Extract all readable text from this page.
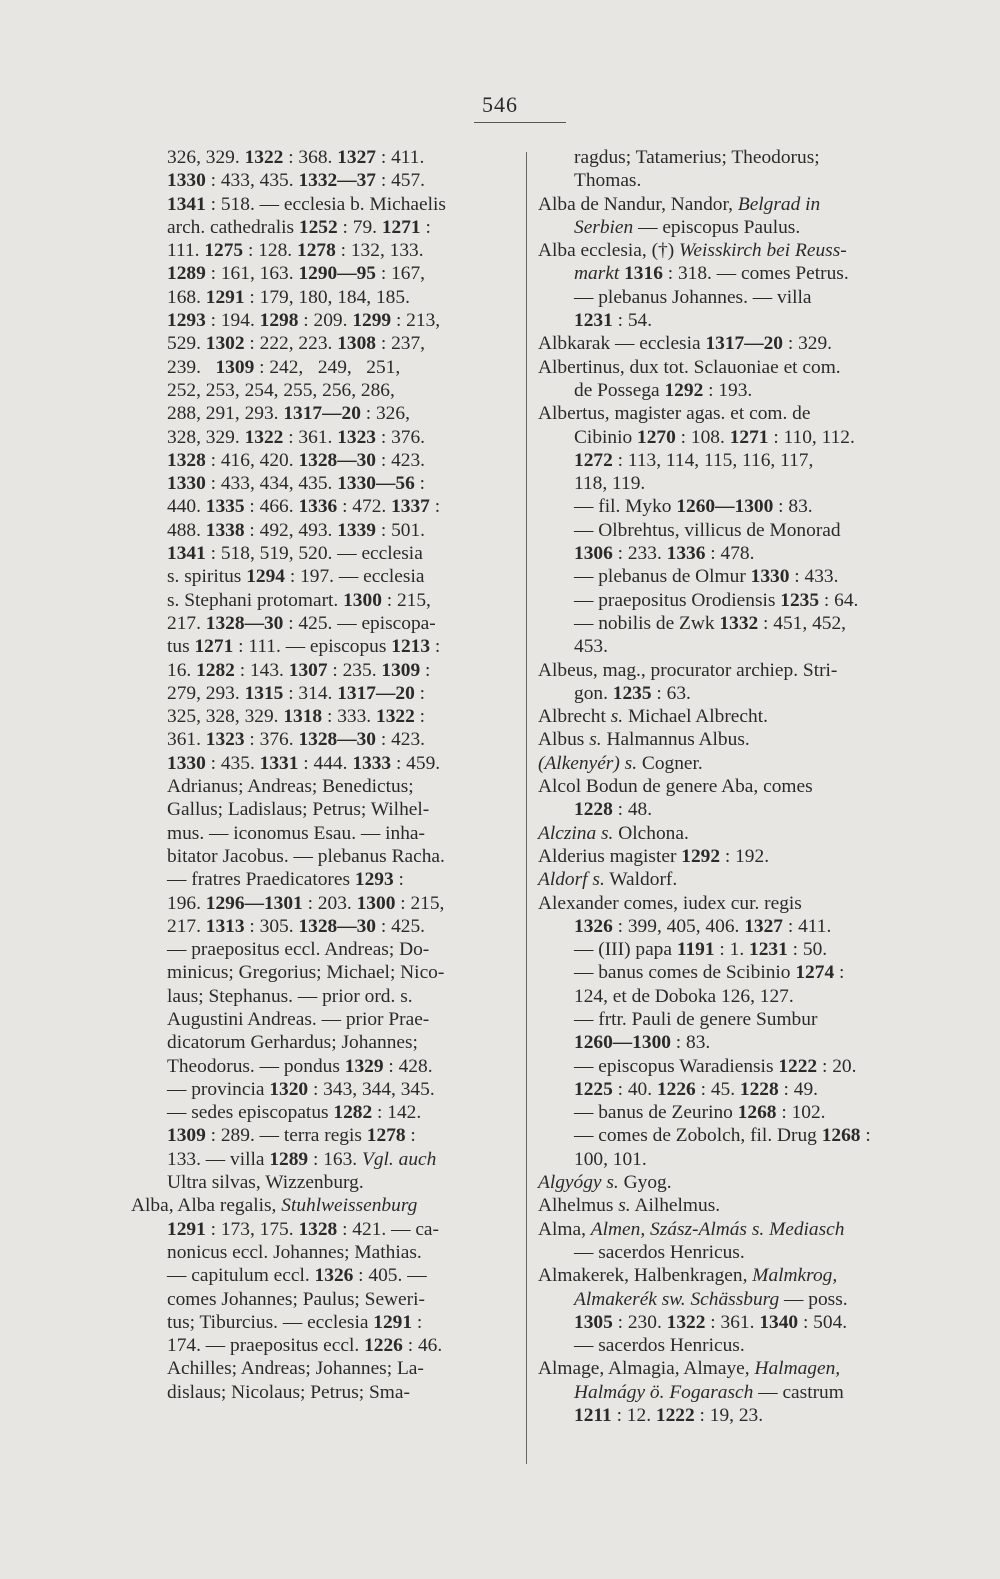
546
326, 329. 1322 : 368. 1327 : 411.
1330 : 433, 435. 1332—37 : 457.
1341 : 518. — ecclesia b. Michaelis
arch. cathedralis 1252 : 79. 1271 :
111. 1275 : 128. 1278 : 132, 133.
1289 : 161, 163. 1290—95 : 167,
168. 1291 : 179, 180, 184, 185.
1293 : 194. 1298 : 209. 1299 : 213,
529. 1302 : 222, 223. 1308 : 237,
239.   1309 : 242,   249,   251,
252, 253, 254, 255, 256, 286,
288, 291, 293. 1317—20 : 326,
328, 329. 1322 : 361. 1323 : 376.
1328 : 416, 420. 1328—30 : 423.
1330 : 433, 434, 435. 1330—56 :
440. 1335 : 466. 1336 : 472. 1337 :
488. 1338 : 492, 493. 1339 : 501.
1341 : 518, 519, 520. — ecclesia
s. spiritus 1294 : 197. — ecclesia
s. Stephani protomart. 1300 : 215,
217. 1328—30 : 425. — episcopa-
tus 1271 : 111. — episcopus 1213 :
16. 1282 : 143. 1307 : 235. 1309 :
279, 293. 1315 : 314. 1317—20 :
325, 328, 329. 1318 : 333. 1322 :
361. 1323 : 376. 1328—30 : 423.
1330 : 435. 1331 : 444. 1333 : 459.
Adrianus; Andreas; Benedictus;
Gallus; Ladislaus; Petrus; Wilhel-
mus. — iconomus Esau. — inha-
bitator Jacobus. — plebanus Racha.
— fratres Praedicatores 1293 :
196. 1296—1301 : 203. 1300 : 215,
217. 1313 : 305. 1328—30 : 425.
— praepositus eccl. Andreas; Do-
minicus; Gregorius; Michael; Nico-
laus; Stephanus. — prior ord. s.
Augustini Andreas. — prior Prae-
dicatorum Gerhardus; Johannes;
Theodorus. — pondus 1329 : 428.
— provincia 1320 : 343, 344, 345.
— sedes episcopatus 1282 : 142.
1309 : 289. — terra regis 1278 :
133. — villa 1289 : 163. Vgl. auch
Ultra silvas, Wizzenburg.
Alba, Alba regalis, Stuhlweissenburg
1291 : 173, 175. 1328 : 421. — ca-
nonicus eccl. Johannes; Mathias.
— capitulum eccl. 1326 : 405. —
comes Johannes; Paulus; Seweri-
tus; Tiburcius. — ecclesia 1291 :
174. — praepositus eccl. 1226 : 46.
Achilles; Andreas; Johannes; La-
dislaus; Nicolaus; Petrus; Sma-
ragdus; Tatamerius; Theodorus;
Thomas.
Alba de Nandur, Nandor, Belgrad in
Serbien — episcopus Paulus.
Alba ecclesia, (†) Weisskirch bei Reuss-
markt 1316 : 318. — comes Petrus.
— plebanus Johannes. — villa
1231 : 54.
Albkarak — ecclesia 1317—20 : 329.
Albertinus, dux tot. Sclauoniae et com.
de Possega 1292 : 193.
Albertus, magister agas. et com. de
Cibinio 1270 : 108. 1271 : 110, 112.
1272 : 113, 114, 115, 116, 117,
118, 119.
— fil. Myko 1260—1300 : 83.
— Olbrehtus, villicus de Monorad
1306 : 233. 1336 : 478.
— plebanus de Olmur 1330 : 433.
— praepositus Orodiensis 1235 : 64.
— nobilis de Zwk 1332 : 451, 452,
453.
Albeus, mag., procurator archiep. Stri-
gon. 1235 : 63.
Albrecht s. Michael Albrecht.
Albus s. Halmannus Albus.
(Alkenyér) s. Cogner.
Alcol Bodun de genere Aba, comes
1228 : 48.
Alczina s. Olchona.
Alderius magister 1292 : 192.
Aldorf s. Waldorf.
Alexander comes, iudex cur. regis
1326 : 399, 405, 406. 1327 : 411.
— (III) papa 1191 : 1. 1231 : 50.
— banus comes de Scibinio 1274 :
124, et de Doboka 126, 127.
— frtr. Pauli de genere Sumbur
1260—1300 : 83.
— episcopus Waradiensis 1222 : 20.
1225 : 40. 1226 : 45. 1228 : 49.
— banus de Zeurino 1268 : 102.
— comes de Zobolch, fil. Drug 1268 :
100, 101.
Algyógy s. Gyog.
Alhelmus s. Ailhelmus.
Alma, Almen, Szász-Almás s. Mediasch
— sacerdos Henricus.
Almakerek, Halbenkragen, Malmkrog,
Almakerék sw. Schässburg — poss.
1305 : 230. 1322 : 361. 1340 : 504.
— sacerdos Henricus.
Almage, Almagia, Almaye, Halmagen,
Halmágy ö. Fogarasch — castrum
1211 : 12. 1222 : 19, 23.
